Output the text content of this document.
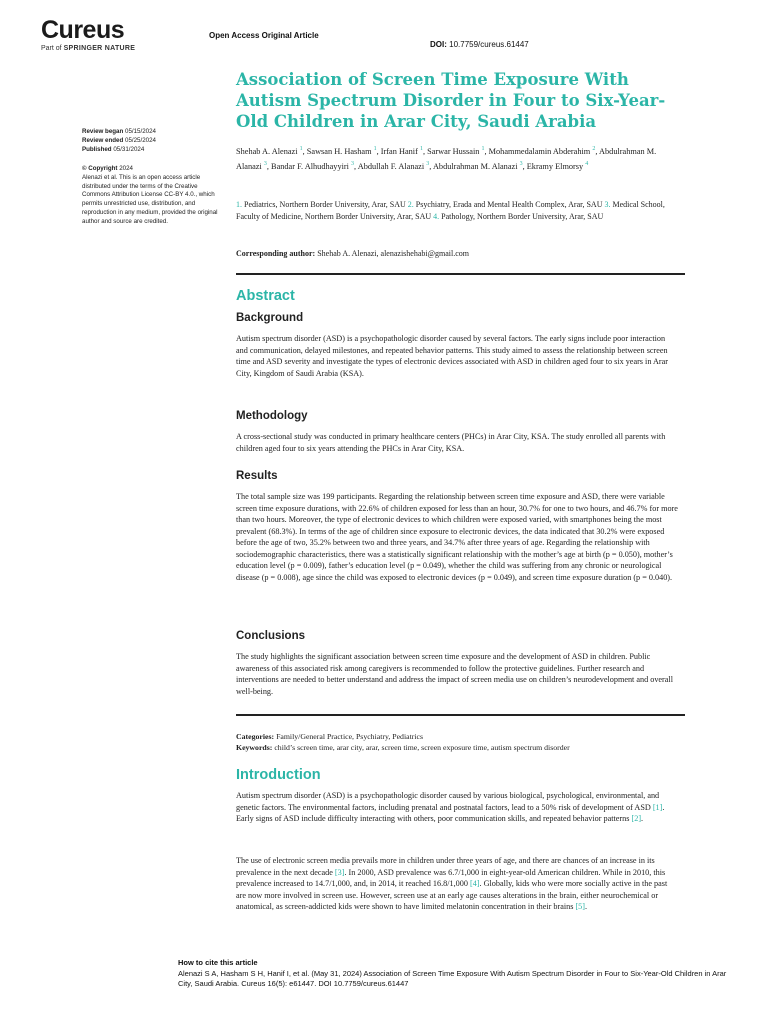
Cureus
Part of SPRINGER NATURE
Open Access Original Article
DOI: 10.7759/cureus.61447
Association of Screen Time Exposure With Autism Spectrum Disorder in Four to Six-Year-Old Children in Arar City, Saudi Arabia
Review began 05/15/2024
Review ended 05/25/2024
Published 05/31/2024
© Copyright 2024
Alenazi et al. This is an open access article distributed under the terms of the Creative Commons Attribution License CC-BY 4.0., which permits unrestricted use, distribution, and reproduction in any medium, provided the original author and source are credited.
Shehab A. Alenazi $^1$, Sawsan H. Hasham $^1$, Irfan Hanif $^1$, Sarwar Hussain $^1$, Mohammedalamin Abderahim $^2$, Abdulrahman M. Alanazi $^3$, Bandar F. Alhudhayyiri $^3$, Abdullah F. Alanazi $^3$, Abdulrahman M. Alanazi $^3$, Ekramy Elmorsy $^4$
1. Pediatrics, Northern Border University, Arar, SAU 2. Psychiatry, Erada and Mental Health Complex, Arar, SAU 3. Medical School, Faculty of Medicine, Northern Border University, Arar, SAU 4. Pathology, Northern Border University, Arar, SAU
Corresponding author: Shehab A. Alenazi, alenazishehabi@gmail.com
Abstract
Background

Autism spectrum disorder (ASD) is a psychopathologic disorder caused by several factors. The early signs include poor interaction and communication, delayed milestones, and repeated behavior patterns. This study aimed to assess the relationship between screen time and ASD severity and investigate the types of electronic devices associated with ASD in children aged four to six years in Arar City, Kingdom of Saudi Arabia (KSA).

Methodology

A cross-sectional study was conducted in primary healthcare centers (PHCs) in Arar City, KSA. The study enrolled all parents with children aged four to six years attending the PHCs in Arar City, KSA.

Results

The total sample size was 199 participants. Regarding the relationship between screen time exposure and ASD, there were variable screen time exposure durations, with 22.6% of children exposed for less than an hour, 30.7% for one to two hours, and 46.7% for more than two hours. Moreover, the type of electronic devices to which children were exposed varied, with smartphones being the most prevalent (68.3%). In terms of the age of children since exposure to electronic devices, the data indicated that 30.2% were exposed before the age of two, 35.2% between two and three years, and 34.7% after three years of age. Regarding the relationship with sociodemographic characteristics, there was a statistically significant relationship with the mother’s age at birth (p = 0.050), mother’s education level (p = 0.009), father’s education level (p = 0.049), whether the child was suffering from any chronic or neurological disease (p = 0.008), age since the child was exposed to electronic devices (p = 0.049), and screen time exposure duration (p = 0.040).

Conclusions

The study highlights the significant association between screen time exposure and the development of ASD in children. Public awareness of this associated risk among caregivers is recommended to follow the protective guidelines. Further research and interventions are needed to better understand and address the impact of screen media use on children’s neurodevelopment and overall well-being.

Categories: Family/General Practice, Psychiatry, Pediatrics
Keywords: child’s screen time, arar city, arar, screen time, screen exposure time, autism spectrum disorder
Introduction

Autism spectrum disorder (ASD) is a psychopathologic disorder caused by various biological, psychological, environmental, and genetic factors. The environmental factors, including prenatal and postnatal factors, lead to a 50% risk of development of ASD [1]. Early signs of ASD include difficulty interacting with others, poor communication skills, and repeated behavior patterns [2].

The use of electronic screen media prevails more in children under three years of age, and there are chances of an increase in its prevalence in the next decade [3]. In 2000, ASD prevalence was 6.7/1,000 in eight-year-old American children. While in 2010, this prevalence increased to 14.7/1,000, and, in 2014, it reached 16.8/1,000 [4]. Globally, kids who were more socially active in the past are now more involved in screen use. However, screen use at an early age causes alterations in the brain, either neurochemical or anatomical, as screen-addicted kids were shown to have limited melatonin concentration in their brains [5].

How to cite this article
Alenazi S A, Hasham S H, Hanif I, et al. (May 31, 2024) Association of Screen Time Exposure With Autism Spectrum Disorder in Four to Six-Year-Old Children in Arar City, Saudi Arabia. Cureus 16(5): e61447. DOI 10.7759/cureus.61447
